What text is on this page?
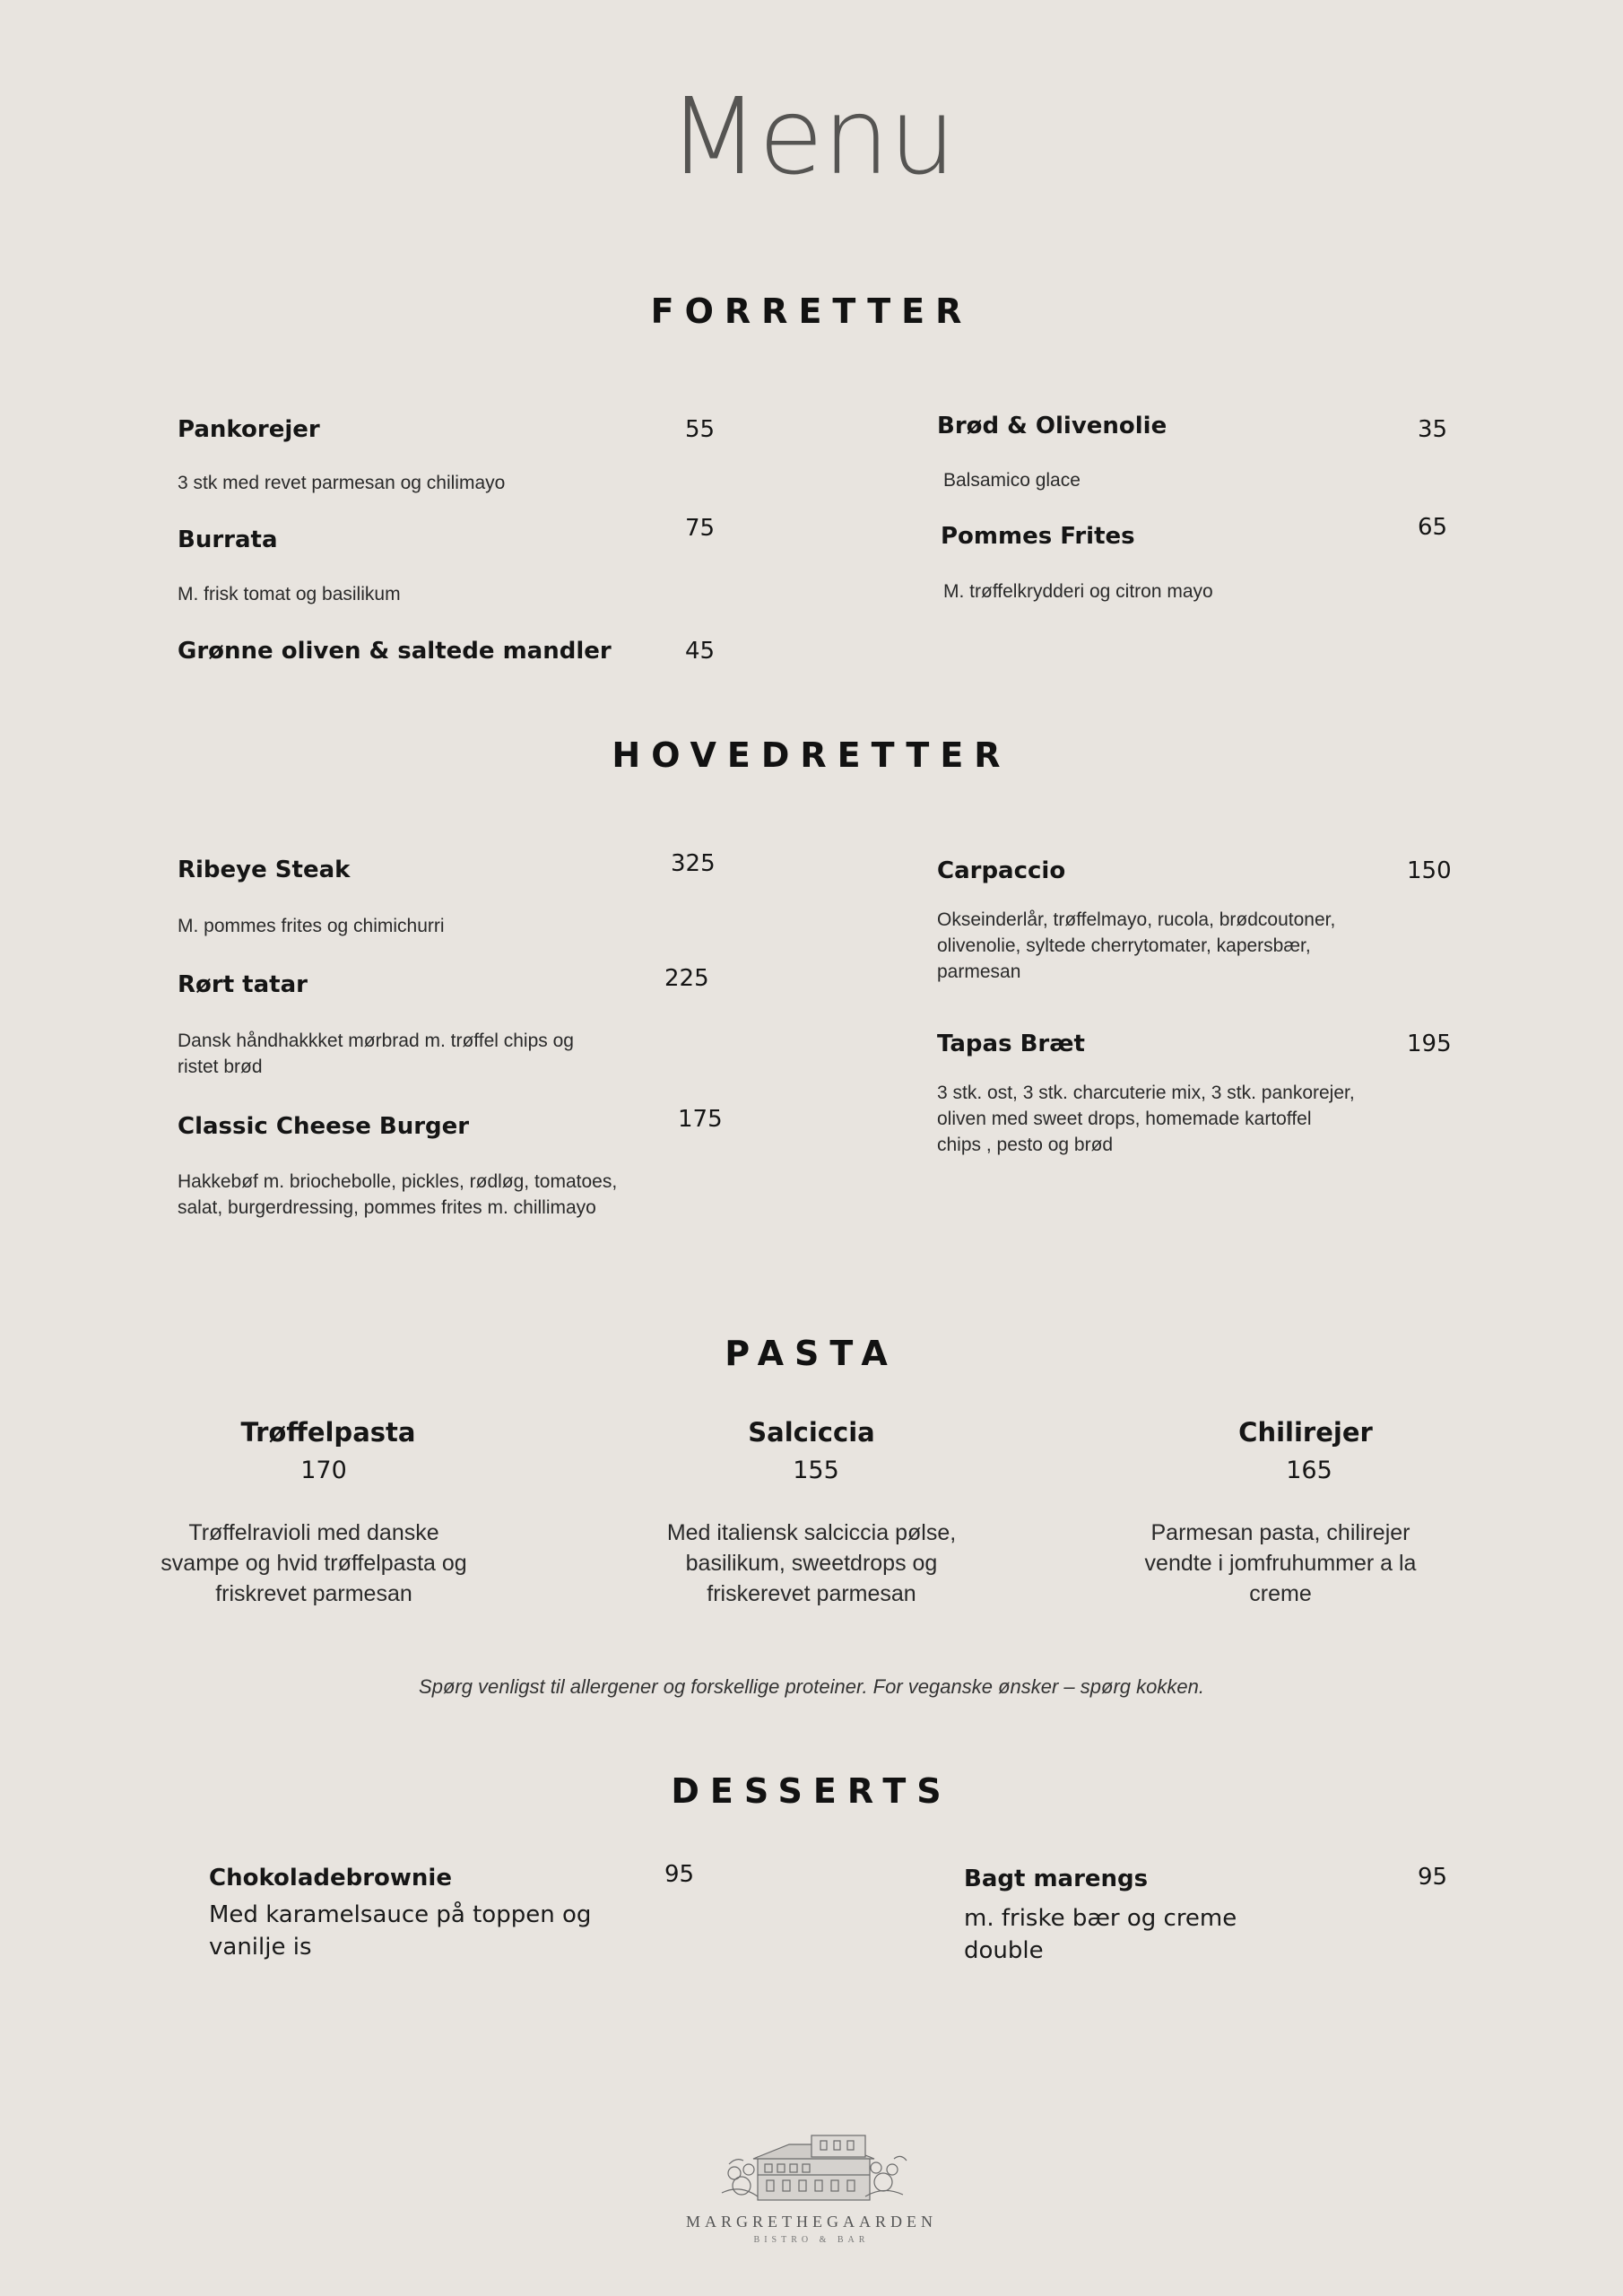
Menu
FORRETTER
Pankorejer	55
3 stk med revet parmesan og chilimayo
Burrata	75
M. frisk tomat og basilikum
Grønne oliven & saltede mandler	45
Brød & Olivenolie	35
Balsamico glace
Pommes Frites	65
M. trøffelkrydderi og citron mayo
HOVEDRETTER
Ribeye Steak	325
M. pommes frites og chimichurri
Rørt tatar	225
Dansk håndhakkket mørbrad m. trøffel chips og ristet brød
Classic Cheese Burger	175
Hakkebøf m. briochebolle, pickles, rødløg, tomatoes, salat, burgerdressing, pommes frites m. chillimayo
Carpaccio	150
Okseinderlår, trøffelmayo, rucola, brødcoutoner, olivenolie, syltede cherrytomater, kapersbær, parmesan
Tapas Bræt	195
3 stk. ost, 3 stk. charcuterie mix, 3 stk. pankorejer, oliven med sweet drops, homemade kartoffel chips , pesto og brød
PASTA
Trøffelpasta
170
Trøffelravioli med danske svampe og hvid trøffelpasta og friskrevet parmesan
Salciccia
155
Med italiensk salciccia pølse, basilikum, sweetdrops og friskerevet parmesan
Chilirejer
165
Parmesan pasta, chilirejer vendte i jomfruhummer a la creme
Spørg venligst til allergener og forskellige proteiner. For veganske ønsker – spørg kokken.
DESSERTS
Chokoladebrownie	95
Med karamelsauce på toppen og vanilje is
Bagt marengs	95
m. friske bær og creme double
MARGRETHEGAARDEN
BISTRO & BAR
